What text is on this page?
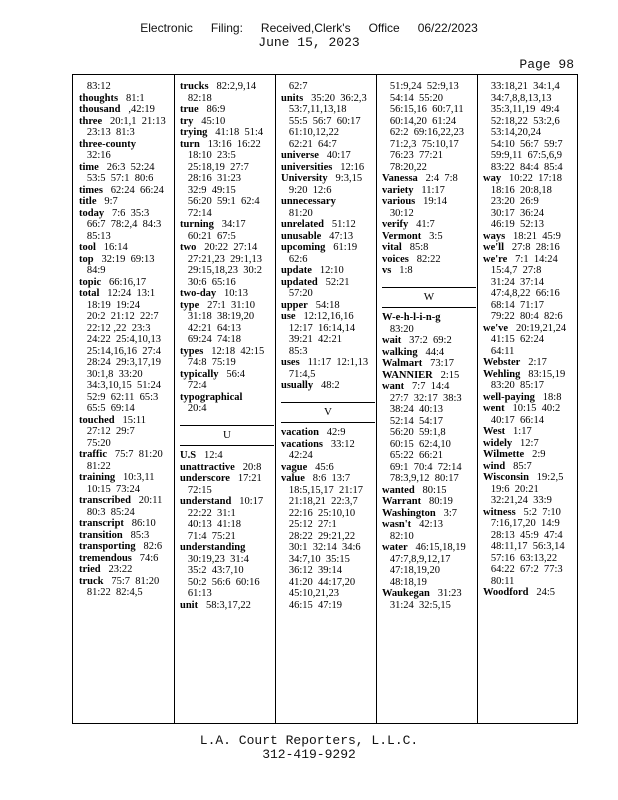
Electronic Filing: Received,Clerk's Office 06/22/2023
June 15, 2023
Page 98
83:12
thoughts 81:1
thousand ,42:19
three 20:1,1  21:13
23:13  81:3
three-county
32:16
time 26:3  52:24
53:5  57:1  80:6
times 62:24  66:24
title 9:7
today 7:6  35:3
66:7  78:2,4  84:3
85:13
tool 16:14
top 32:19  69:13
84:9
topic 66:16,17
total 12:24  13:1
18:19  19:24
20:2  21:12  22:7
22:12 ,22  23:3
24:22  25:4,10,13
25:14,16,16  27:4
28:24  29:3,17,19
30:1,8  33:20
34:3,10,15  51:24
52:9  62:11  65:3
65:5  69:14
touched 15:11
27:12  29:7
75:20
traffic 75:7  81:20
81:22
training 10:3,11
10:15  73:24
transcribed 20:11
80:3  85:24
transcript 86:10
transition 85:3
transporting 82:6
tremendous 74:6
tried 23:22
truck 75:7  81:20
81:22  82:4,5
trucks 82:2,9,14
82:18
true 86:9
try 45:10
trying 41:18  51:4
turn 13:16  16:22
18:10  23:5
25:18,19  27:7
28:16  31:23
32:9  49:15
56:20  59:1  62:4
72:14
turning 34:17
60:21  67:5
two 20:22  27:14
27:21,23  29:1,13
29:15,18,23  30:2
30:6  65:16
two-day 10:13
type 27:1  31:10
31:18  38:19,20
42:21  64:13
69:24  74:18
types 12:18  42:15
74:8  75:19
typically 56:4
72:4
typographical
20:4
U
U.S 12:4
unattractive 20:8
underscore 17:21
72:15
understand 10:17
22:22  31:1
40:13  41:18
71:4  75:21
understanding
30:19,23  31:4
35:2  43:7,10
50:2  56:6  60:16
61:13
unit 58:3,17,22
62:7
units 35:20  36:2,3
53:7,11,13,18
55:5  56:7  60:17
61:10,12,22
62:21  64:7
universe 40:17
universities 12:16
University 9:3,15
9:20  12:6
unnecessary
81:20
unrelated 51:12
unusable 47:13
upcoming 61:19
62:6
update 12:10
updated 52:21
57:20
upper 54:18
use 12:12,16,16
12:17  16:14,14
39:21  42:21
85:3
uses 11:17  12:1,13
71:4,5
usually 48:2
V
vacation 42:9
vacations 33:12
42:24
vague 45:6
value 8:6  13:7
18:5,15,17  21:17
21:18,21  22:3,7
22:16  25:10,10
25:12  27:1
28:22  29:21,22
30:1  32:14  34:6
34:7,10  35:15
36:12  39:14
41:20  44:17,20
45:10,21,23
46:15  47:19
51:9,24  52:9,13
54:14  55:20
56:15,16  60:7,11
60:14,20  61:24
62:2  69:16,22,23
71:2,3  75:10,17
76:23  77:21
78:20,22
Vanessa 2:4  7:8
variety 11:17
various 19:14
30:12
verify 41:7
Vermont 3:5
vital 85:8
voices 82:22
vs 1:8
W
W-e-h-l-i-n-g
83:20
wait 37:2  69:2
walking 44:4
Walmart 73:17
WANNIER 2:15
want 7:7  14:4
27:7  32:17  38:3
38:24  40:13
52:14  54:17
56:20  59:1,8
60:15  62:4,10
65:22  66:21
69:1  70:4  72:14
78:3,9,12  80:17
wanted 80:15
Warrant 80:19
Washington 3:7
wasn't 42:13
82:10
water 46:15,18,19
47:7,8,9,12,17
47:18,19,20
48:18,19
Waukegan 31:23
31:24  32:5,15
33:18,21  34:1,4
34:7,8,8,13,13
35:3,11,19  49:4
52:18,22  53:2,6
53:14,20,24
54:10  56:7  59:7
59:9,11  67:5,6,9
83:22  84:4  85:4
way 10:22  17:18
18:16  20:8,18
23:20  26:9
30:17  36:24
46:19  52:13
ways 18:21  45:9
we'll 27:8  28:16
we're 7:1  14:24
15:4,7  27:8
31:24  37:14
47:4,8,22  66:16
68:14  71:17
79:22  80:4  82:6
we've 20:19,21,24
41:15  62:24
64:11
Webster 2:17
Wehling 83:15,19
83:20  85:17
well-paying 18:8
went 10:15  40:2
40:17  66:14
West 1:17
widely 12:7
Wilmette 2:9
wind 85:7
Wisconsin 19:2,5
19:6  20:21
32:21,24  33:9
witness 5:2  7:10
7:16,17,20  14:9
28:13  45:9  47:4
48:11,17  56:3,14
57:16  63:13,22
64:22  67:2  77:3
80:11
Woodford 24:5
L.A. Court Reporters, L.L.C.
312-419-9292
